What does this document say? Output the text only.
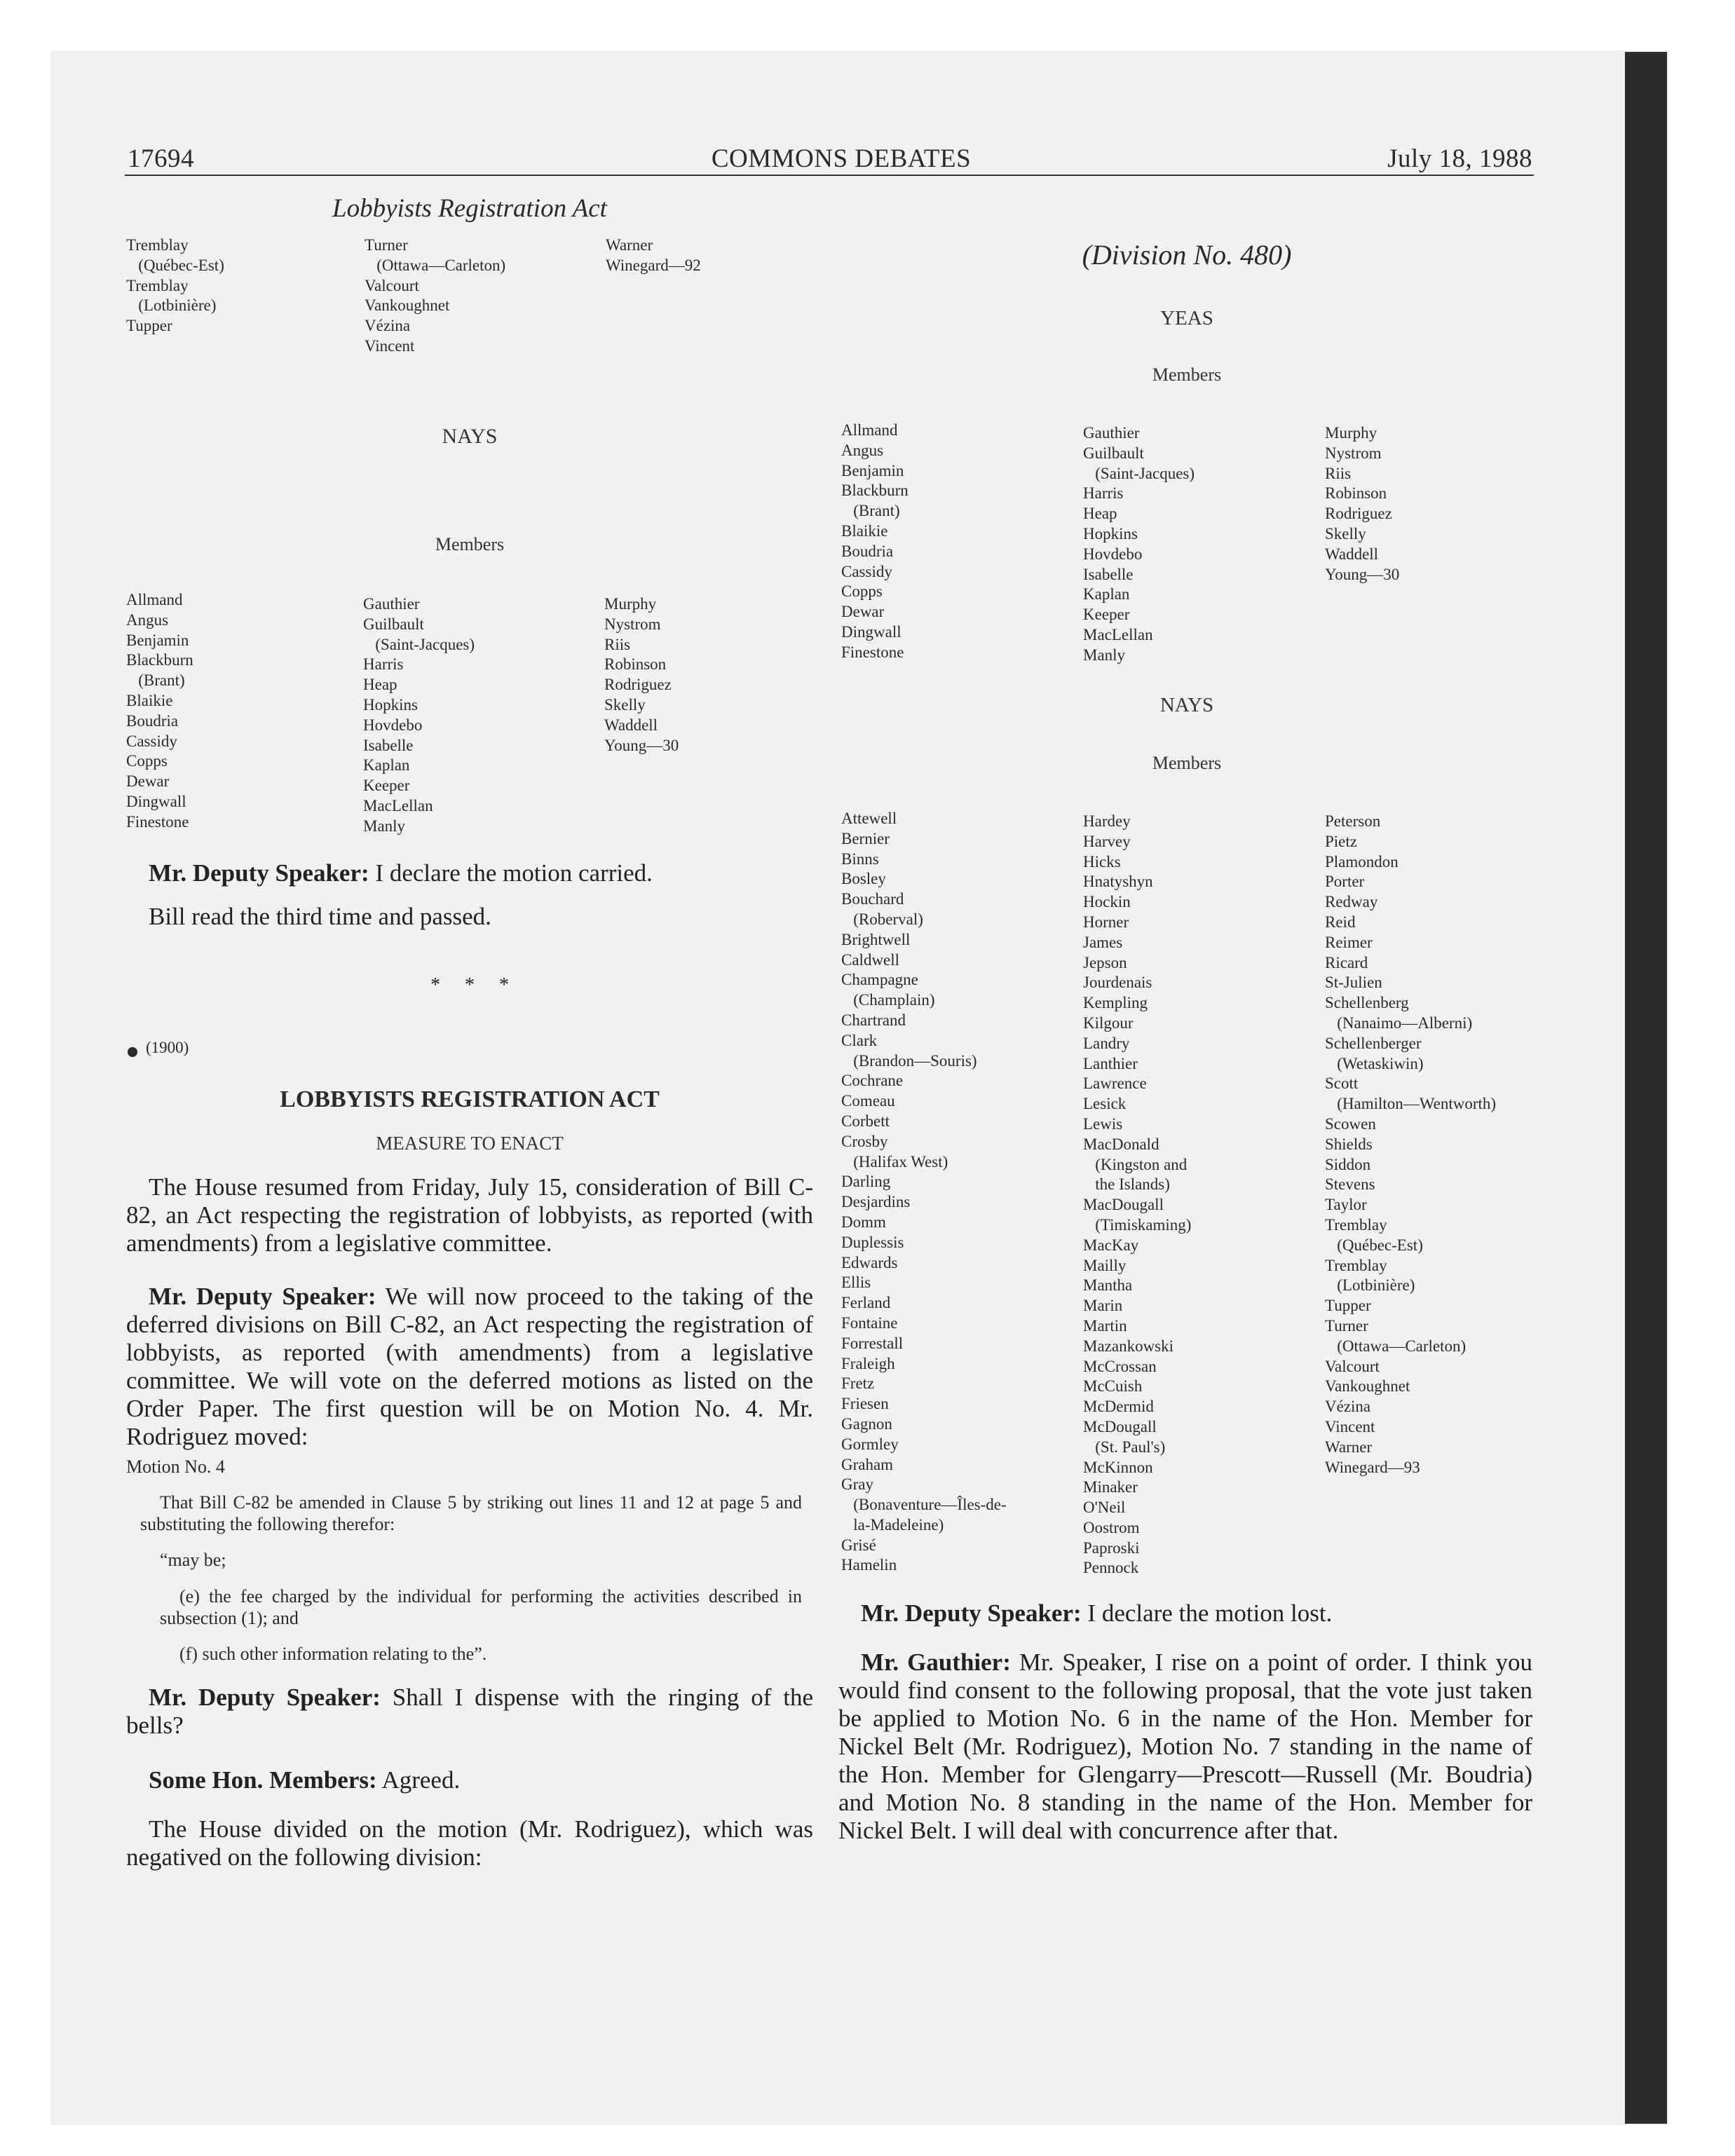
17694	COMMONS DEBATES	July 18, 1988
Lobbyists Registration Act
Tremblay
(Québec-Est)
Tremblay
(Lotbinière)
Tupper
Turner
(Ottawa—Carleton)
Valcourt
Vankoughnet
Vézina
Vincent
Warner
Winegard—92
NAYS
Members
Allmand
Angus
Benjamin
Blackburn
(Brant)
Blaikie
Boudria
Cassidy
Copps
Dewar
Dingwall
Finestone
Gauthier
Guilbault
(Saint-Jacques)
Harris
Heap
Hopkins
Hovdebo
Isabelle
Kaplan
Keeper
MacLellan
Manly
Murphy
Nystrom
Riis
Robinson
Rodriguez
Skelly
Waddell
Young—30
Mr. Deputy Speaker: I declare the motion carried.
Bill read the third time and passed.
*     *     *
(1900)
LOBBYISTS REGISTRATION ACT
MEASURE TO ENACT
The House resumed from Friday, July 15, consideration of Bill C-82, an Act respecting the registration of lobbyists, as reported (with amendments) from a legislative committee.
Mr. Deputy Speaker: We will now proceed to the taking of the deferred divisions on Bill C-82, an Act respecting the registration of lobbyists, as reported (with amendments) from a legislative committee. We will vote on the deferred motions as listed on the Order Paper. The first question will be on Motion No. 4. Mr. Rodriguez moved:
Motion No. 4
That Bill C-82 be amended in Clause 5 by striking out lines 11 and 12 at page 5 and substituting the following therefor:
“may be;
(e) the fee charged by the individual for performing the activities described in subsection (1); and
(f) such other information relating to the”.
Mr. Deputy Speaker: Shall I dispense with the ringing of the bells?
Some Hon. Members: Agreed.
The House divided on the motion (Mr. Rodriguez), which was negatived on the following division:
(Division No. 480)
YEAS
Members
Allmand
Angus
Benjamin
Blackburn
(Brant)
Blaikie
Boudria
Cassidy
Copps
Dewar
Dingwall
Finestone
Gauthier
Guilbault
(Saint-Jacques)
Harris
Heap
Hopkins
Hovdebo
Isabelle
Kaplan
Keeper
MacLellan
Manly
Murphy
Nystrom
Riis
Robinson
Rodriguez
Skelly
Waddell
Young—30
NAYS
Members
Attewell
Bernier
Binns
Bosley
Bouchard
(Roberval)
Brightwell
Caldwell
Champagne
(Champlain)
Chartrand
Clark
(Brandon—Souris)
Cochrane
Comeau
Corbett
Crosby
(Halifax West)
Darling
Desjardins
Domm
Duplessis
Edwards
Ellis
Ferland
Fontaine
Forrestall
Fraleigh
Fretz
Friesen
Gagnon
Gormley
Graham
Gray
(Bonaventure—Îles-de-
la-Madeleine)
Grisé
Hamelin
Hardey
Harvey
Hicks
Hnatyshyn
Hockin
Horner
James
Jepson
Jourdenais
Kempling
Kilgour
Landry
Lanthier
Lawrence
Lesick
Lewis
MacDonald
(Kingston and
the Islands)
MacDougall
(Timiskaming)
MacKay
Mailly
Mantha
Marin
Martin
Mazankowski
McCrossan
McCuish
McDermid
McDougall
(St. Paul's)
McKinnon
Minaker
O'Neil
Oostrom
Paproski
Pennock
Peterson
Pietz
Plamondon
Porter
Redway
Reid
Reimer
Ricard
St-Julien
Schellenberg
(Nanaimo—Alberni)
Schellenberger
(Wetaskiwin)
Scott
(Hamilton—Wentworth)
Scowen
Shields
Siddon
Stevens
Taylor
Tremblay
(Québec-Est)
Tremblay
(Lotbinière)
Tupper
Turner
(Ottawa—Carleton)
Valcourt
Vankoughnet
Vézina
Vincent
Warner
Winegard—93
Mr. Deputy Speaker: I declare the motion lost.
Mr. Gauthier: Mr. Speaker, I rise on a point of order. I think you would find consent to the following proposal, that the vote just taken be applied to Motion No. 6 in the name of the Hon. Member for Nickel Belt (Mr. Rodriguez), Motion No. 7 standing in the name of the Hon. Member for Glengarry—Prescott—Russell (Mr. Boudria) and Motion No. 8 standing in the name of the Hon. Member for Nickel Belt. I will deal with concurrence after that.
